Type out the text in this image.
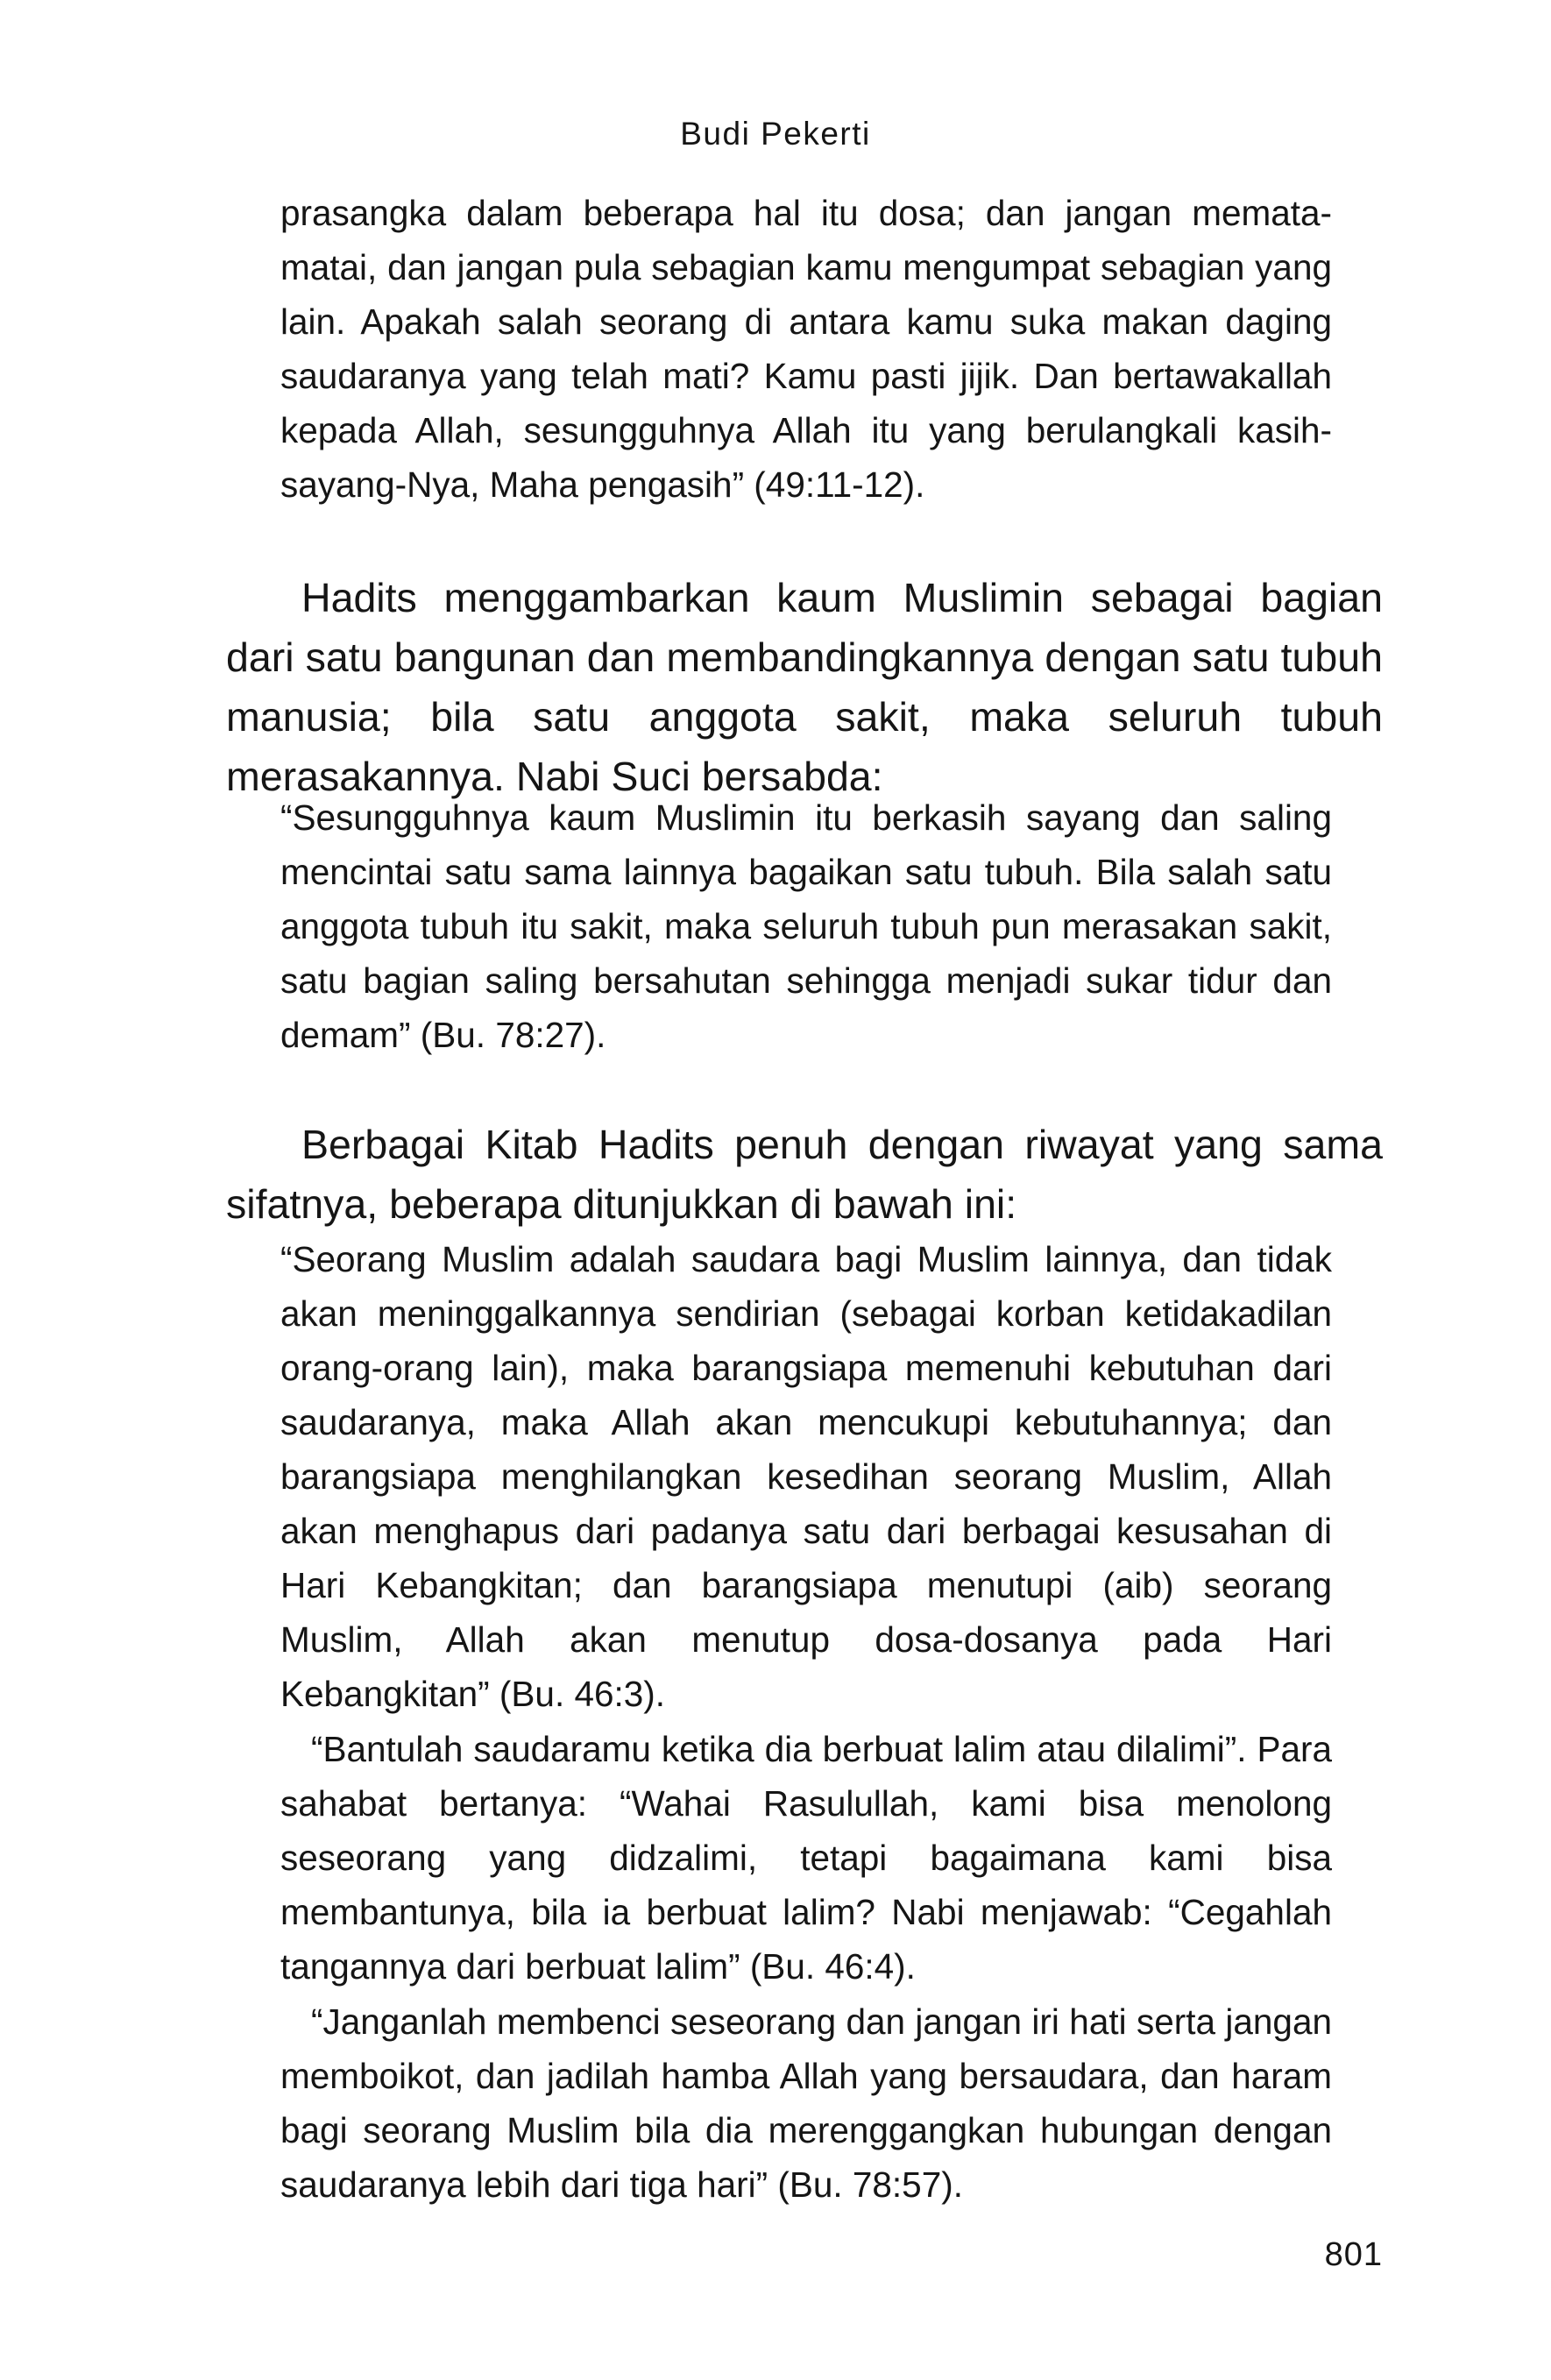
Budi Pekerti

prasangka dalam beberapa hal itu dosa; dan jangan memata-matai, dan jangan pula sebagian kamu mengumpat sebagian yang lain. Apakah salah seorang di antara kamu suka makan daging saudaranya yang telah mati? Kamu pasti jijik. Dan bertawakallah kepada Allah, sesungguhnya Allah itu yang berulangkali kasih-sayang-Nya, Maha pengasih” (49:11-12).

Hadits menggambarkan kaum Muslimin sebagai bagian dari satu bangunan dan membandingkannya dengan satu tubuh manusia; bila satu anggota sakit, maka seluruh tubuh merasakannya. Nabi Suci bersabda:

“Sesungguhnya kaum Muslimin itu berkasih sayang dan saling mencintai satu sama lainnya bagaikan satu tubuh. Bila salah satu anggota tubuh itu sakit, maka seluruh tubuh pun merasakan sakit, satu bagian saling bersahutan sehingga menjadi sukar tidur dan demam” (Bu. 78:27).

Berbagai Kitab Hadits penuh dengan riwayat yang sama sifatnya, beberapa ditunjukkan di bawah ini:

“Seorang Muslim adalah saudara bagi Muslim lainnya, dan tidak akan meninggalkannya sendirian (sebagai korban ketidakadilan orang-orang lain), maka barangsiapa memenuhi kebutuhan dari saudaranya, maka Allah akan mencukupi kebutuhannya; dan barangsiapa menghilangkan kesedihan seorang Muslim, Allah akan menghapus dari padanya satu dari berbagai kesusahan di Hari Kebangkitan; dan barangsiapa menutupi (aib) seorang Muslim, Allah akan menutup dosa-dosanya pada Hari Kebangkitan” (Bu. 46:3).

“Bantulah saudaramu ketika dia berbuat lalim atau dilalimi”. Para sahabat bertanya: “Wahai Rasulullah, kami bisa menolong seseorang yang didzalimi, tetapi bagaimana kami bisa membantunya, bila ia berbuat lalim? Nabi menjawab: “Cegahlah tangannya dari berbuat lalim” (Bu. 46:4).

“Janganlah membenci seseorang dan jangan iri hati serta jangan memboikot, dan jadilah hamba Allah yang bersaudara, dan haram bagi seorang Muslim bila dia merenggangkan hubungan dengan saudaranya lebih dari tiga hari” (Bu. 78:57).

801
